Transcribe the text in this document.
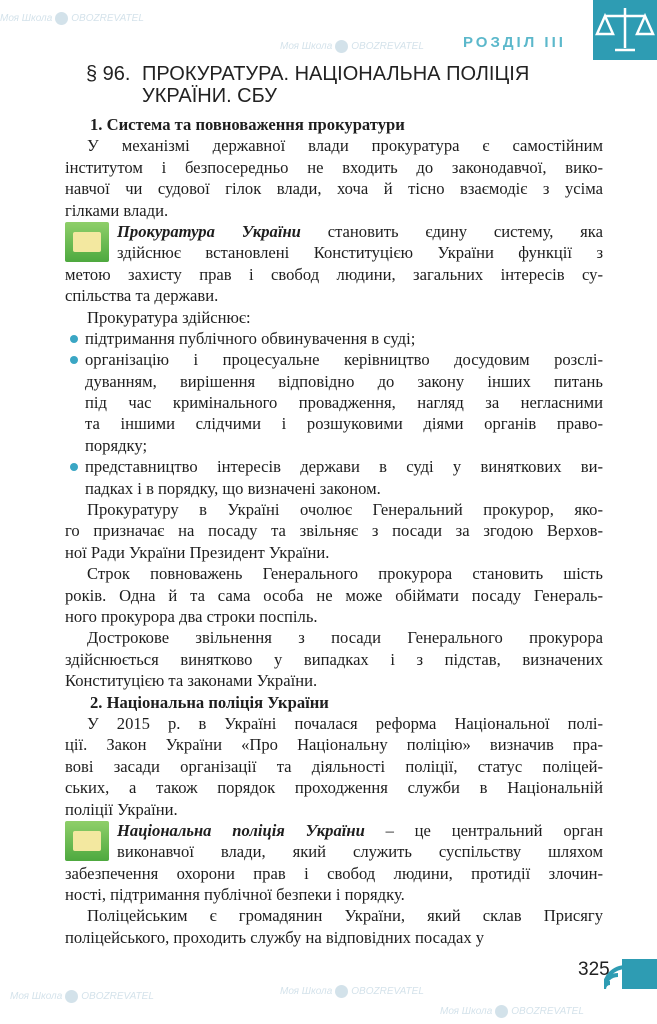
Моя Школа OBOZREVATEL
Моя Школа OBOZREVATEL
Моя Школа OBOZREVATEL	Моя Школа OBOZREVATEL
Моя Школа OBOZREVATEL
РОЗДІЛ III
§ 96. ПРОКУРАТУРА. НАЦІОНАЛЬНА ПОЛІЦІЯ
УКРАЇНИ. СБУ
1. Система та повноваження прокуратури
У механізмі державної влади прокуратура є самостійним
інститутом і безпосередньо не входить до законодавчої, вико-
навчої чи судової гілок влади, хоча й тісно взаємодіє з усіма
гілками влади.
Прокуратура України становить єдину систему, яка
здійснює встановлені Конституцією України функції з
метою захисту прав і свобод людини, загальних інтересів су-
спільства та держави.
Прокуратура здійснює:
підтримання публічного обвинувачення в суді;
організацію і процесуальне керівництво досудовим розслі-
дуванням, вирішення відповідно до закону інших питань
під час кримінального провадження, нагляд за негласними
та іншими слідчими і розшуковими діями органів право-
порядку;
представництво інтересів держави в суді у виняткових ви-
падках і в порядку, що визначені законом.
Прокуратуру в Україні очолює Генеральний прокурор, яко-
го призначає на посаду та звільняє з посади за згодою Верхов-
ної Ради України Президент України.
Строк повноважень Генерального прокурора становить шість
років. Одна й та сама особа не може обіймати посаду Генераль-
ного прокурора два строки поспіль.
Дострокове звільнення з посади Генерального прокурора
здійснюється винятково у випадках і з підстав, визначених
Конституцією та законами України.
2. Національна поліція України
У 2015 р. в Україні почалася реформа Національної полі-
ції. Закон України «Про Національну поліцію» визначив пра-
вові засади організації та діяльності поліції, статус поліцей-
ських, а також порядок проходження служби в Національній
поліції України.
Національна поліція України – це центральний орган
виконавчої влади, який служить суспільству шляхом
забезпечення охорони прав і свобод людини, протидії злочин-
ності, підтримання публічної безпеки і порядку.
Поліцейським є громадянин України, який склав Присягу
поліцейського, проходить службу на відповідних посадах у
325
